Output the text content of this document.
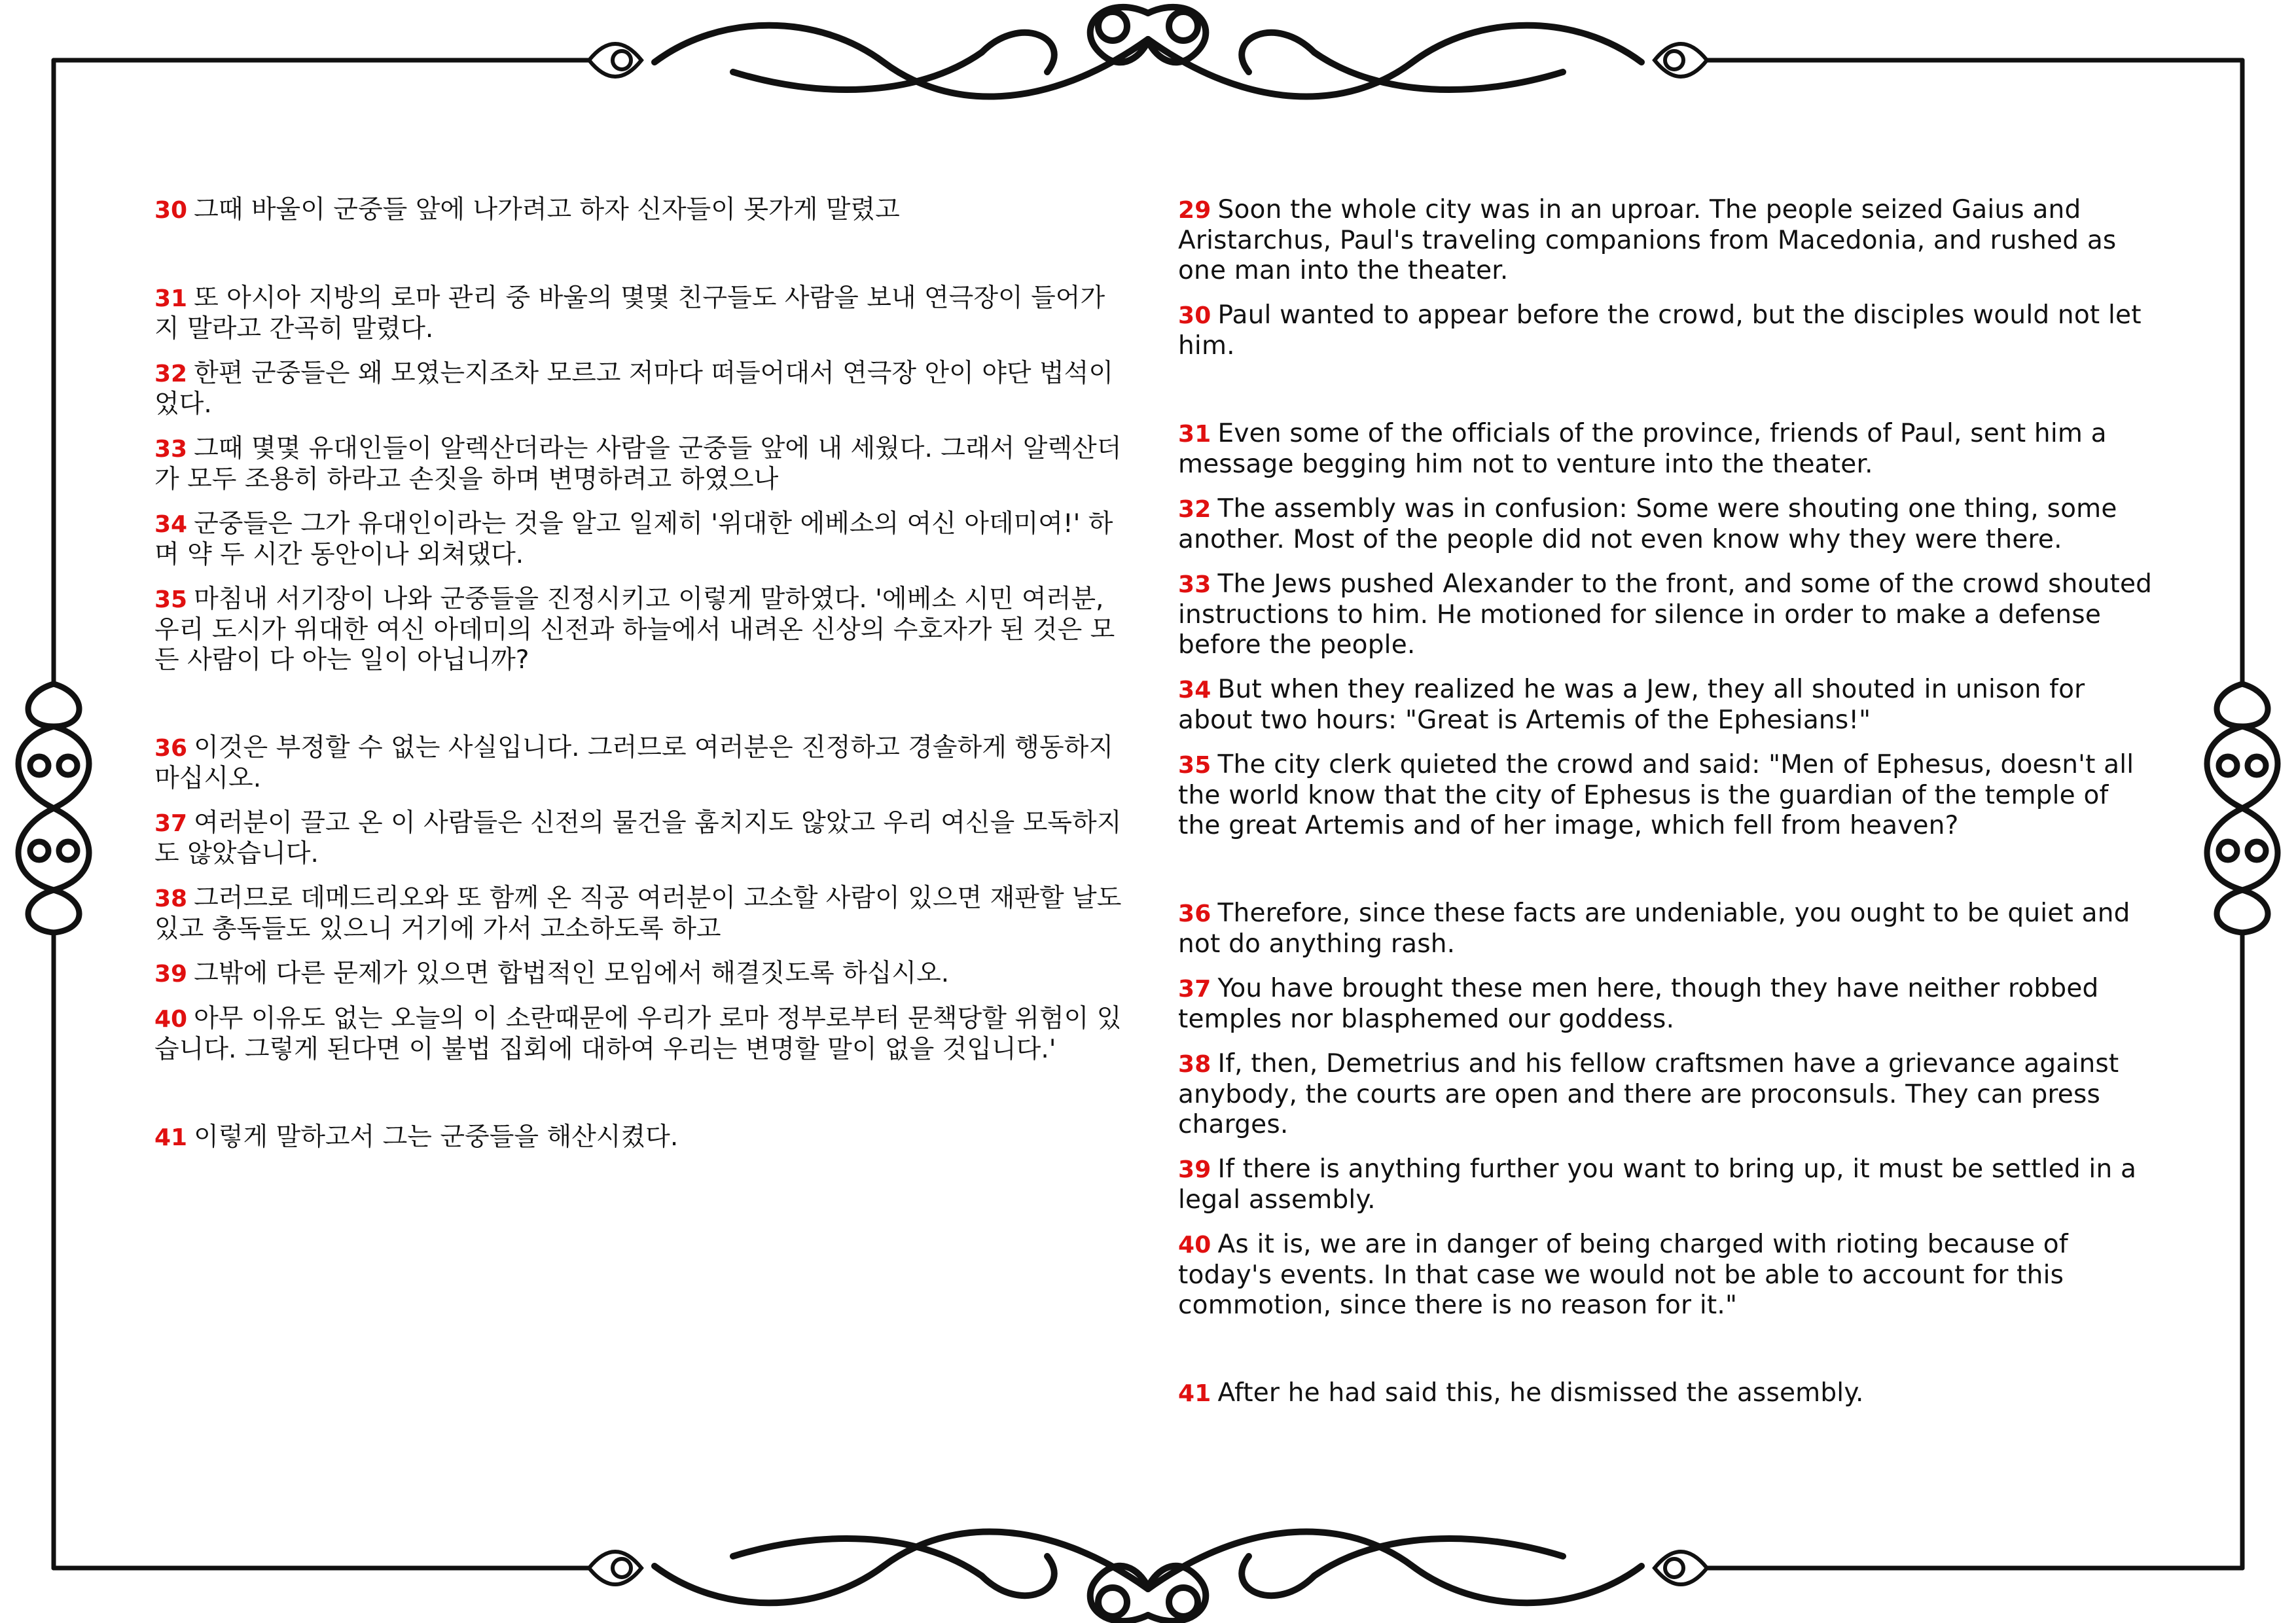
30 그때 바울이 군중들 앞에 나가려고 하자 신자들이 못가게 말렸고

31 또 아시아 지방의 로마 관리 중 바울의 몇몇 친구들도 사람을 보내 연극장이 들어가지 말라고 간곡히 말렸다.

32 한편 군중들은 왜 모였는지조차 모르고 저마다 떠들어대서 연극장 안이 야단 법석이었다.

33 그때 몇몇 유대인들이 알렉산더라는 사람을 군중들 앞에 내 세웠다. 그래서 알렉산더가 모두 조용히 하라고 손짓을 하며 변명하려고 하였으나

34 군중들은 그가 유대인이라는 것을 알고 일제히 '위대한 에베소의 여신 아데미여!' 하며 약 두 시간 동안이나 외쳐댔다.

35 마침내 서기장이 나와 군중들을 진정시키고 이렇게 말하였다. '에베소 시민 여러분, 우리 도시가 위대한 여신 아데미의 신전과 하늘에서 내려온 신상의 수호자가 된 것은 모든 사람이 다 아는 일이 아닙니까?

36 이것은 부정할 수 없는 사실입니다. 그러므로 여러분은 진정하고 경솔하게 행동하지 마십시오.

37 여러분이 끌고 온 이 사람들은 신전의 물건을 훔치지도 않았고 우리 여신을 모독하지도 않았습니다.

38 그러므로 데메드리오와 또 함께 온 직공 여러분이 고소할 사람이 있으면 재판할 날도 있고 총독들도 있으니 거기에 가서 고소하도록 하고

39 그밖에 다른 문제가 있으면 합법적인 모임에서 해결짓도록 하십시오.

40 아무 이유도 없는 오늘의 이 소란때문에 우리가 로마 정부로부터 문책당할 위험이 있습니다. 그렇게 된다면 이 불법 집회에 대하여 우리는 변명할 말이 없을 것입니다.'

41 이렇게 말하고서 그는 군중들을 해산시켰다.

29 Soon the whole city was in an uproar. The people seized Gaius and Aristarchus, Paul's traveling companions from Macedonia, and rushed as one man into the theater.

30 Paul wanted to appear before the crowd, but the disciples would not let him.

31 Even some of the officials of the province, friends of Paul, sent him a message begging him not to venture into the theater.

32 The assembly was in confusion: Some were shouting one thing, some another. Most of the people did not even know why they were there.

33 The Jews pushed Alexander to the front, and some of the crowd shouted instructions to him. He motioned for silence in order to make a defense before the people.

34 But when they realized he was a Jew, they all shouted in unison for about two hours: "Great is Artemis of the Ephesians!"

35 The city clerk quieted the crowd and said: "Men of Ephesus, doesn't all the world know that the city of Ephesus is the guardian of the temple of the great Artemis and of her image, which fell from heaven?

36 Therefore, since these facts are undeniable, you ought to be quiet and not do anything rash.

37 You have brought these men here, though they have neither robbed temples nor blasphemed our goddess.

38 If, then, Demetrius and his fellow craftsmen have a grievance against anybody, the courts are open and there are proconsuls. They can press charges.

39 If there is anything further you want to bring up, it must be settled in a legal assembly.

40 As it is, we are in danger of being charged with rioting because of today's events. In that case we would not be able to account for this commotion, since there is no reason for it."

41 After he had said this, he dismissed the assembly.
